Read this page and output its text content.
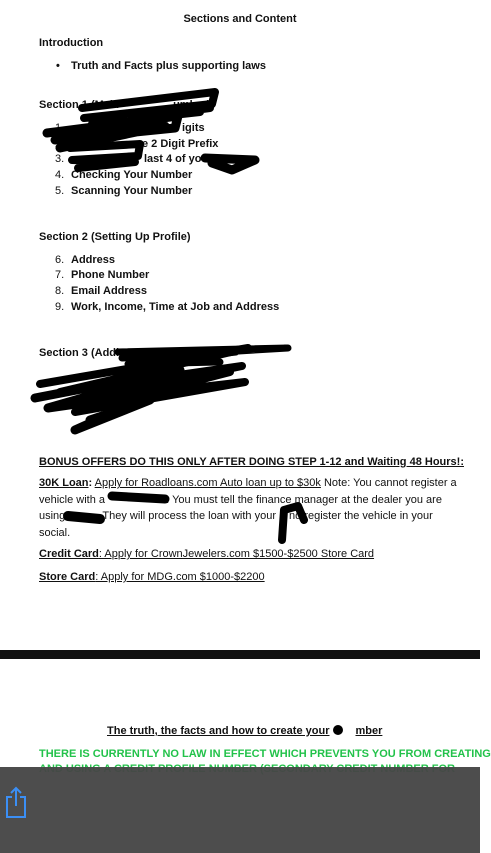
Sections and Content
Introduction
• Truth and Facts plus supporting laws
Section 1 (Maki	umber)
igits
1.
2.	e 2 Digit Prefix
3.	last 4 of you
4. Checking Your Number
5. Scanning Your Number
Section 2 (Setting Up Profile)
6. Address
7. Phone Number
8. Email Address
9. Work, Income, Time at Job and Address
Section 3 (Addin
BONUS OFFERS DO THIS ONLY AFTER DOING STEP 1-12 and Waiting 48 Hours!:
30K Loan: Apply for Roadloans.com Auto loan up to $30k Note: You cannot register a
vehicle with a	r. You must tell the finance manager at the dealer you are
using	They will process the loan with your nd register the vehicle in your
social.
Credit Card: Apply for CrownJewelers.com $1500-$2500 Store Card
Store Card: Apply for MDG.com $1000-$2200
The truth, the facts and how to create your mber
THERE IS CURRENTLY NO LAW IN EFFECT WHICH PREVENTS YOU FROM CREATING
